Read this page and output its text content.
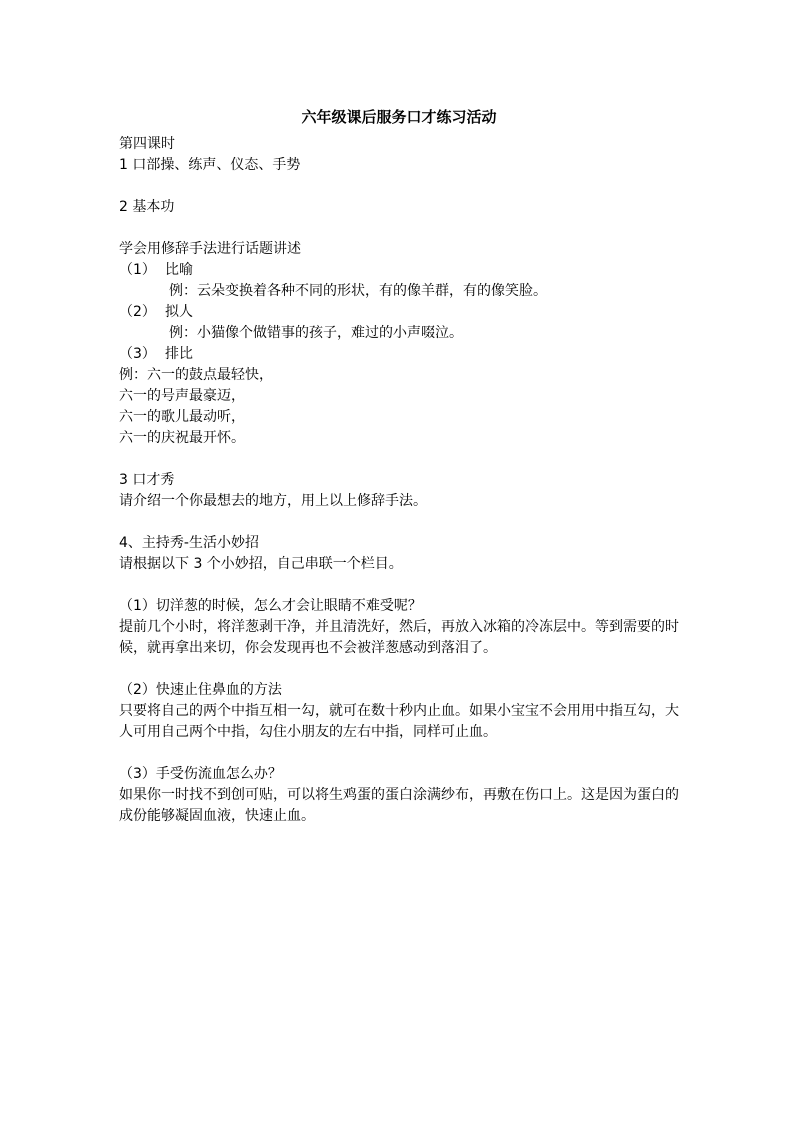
六年级课后服务口才练习活动
第四课时
1 口部操、练声、仪态、手势
2 基本功
学会用修辞手法进行话题讲述
（1） 比喻
例：云朵变换着各种不同的形状，有的像羊群，有的像笑脸。
（2） 拟人
例：小猫像个做错事的孩子，难过的小声啜泣。
（3） 排比
例：六一的鼓点最轻快，
六一的号声最豪迈，
六一的歌儿最动听，
六一的庆祝最开怀。
3 口才秀
请介绍一个你最想去的地方，用上以上修辞手法。
4、主持秀-生活小妙招
请根据以下 3 个小妙招，自己串联一个栏目。
（1）切洋葱的时候，怎么才会让眼睛不难受呢？
提前几个小时，将洋葱剥干净，并且清洗好，然后，再放入冰箱的冷冻层中。等到需要的时候，就再拿出来切，你会发现再也不会被洋葱感动到落泪了。
（2）快速止住鼻血的方法
只要将自己的两个中指互相一勾，就可在数十秒内止血。如果小宝宝不会用用中指互勾，大人可用自己两个中指，勾住小朋友的左右中指，同样可止血。
（3）手受伤流血怎么办？
如果你一时找不到创可贴，可以将生鸡蛋的蛋白涂满纱布，再敷在伤口上。这是因为蛋白的成份能够凝固血液，快速止血。
